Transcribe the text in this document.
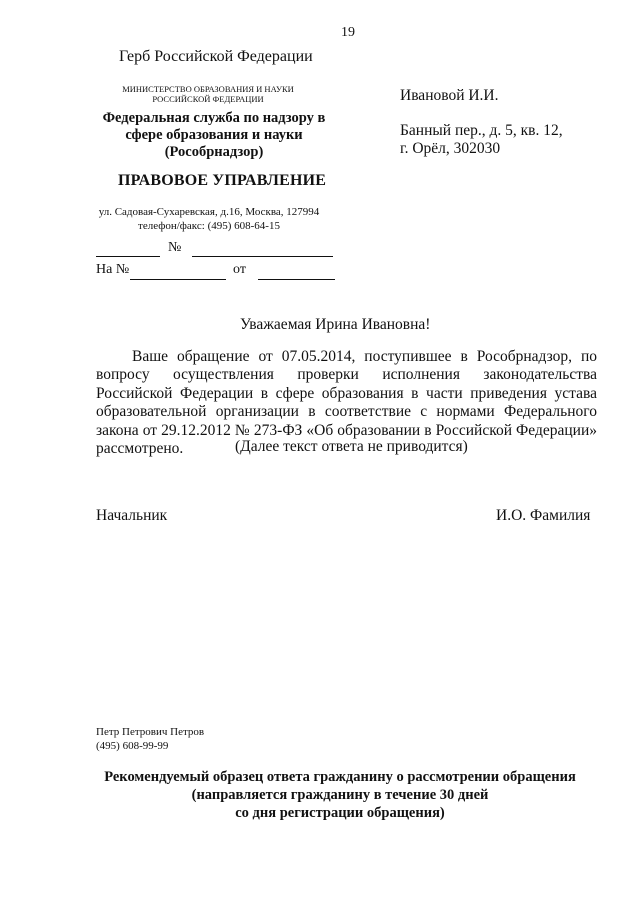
19
Герб Российской Федерации
МИНИСТЕРСТВО ОБРАЗОВАНИЯ И НАУКИ
РОССИЙСКОЙ ФЕДЕРАЦИИ
Федеральная служба по надзору в
сфере образования и науки
(Рособрнадзор)
ПРАВОВОЕ УПРАВЛЕНИЕ
ул. Садовая-Сухаревская, д.16, Москва, 127994
телефон/факс: (495) 608-64-15
№
На №	от
Ивановой И.И.
Банный пер., д. 5, кв. 12,
г. Орёл, 302030
Уважаемая Ирина Ивановна!

Ваше обращение от 07.05.2014, поступившее в Рособрнадзор, по вопросу осуществления проверки исполнения законодательства Российской Федерации в сфере образования в части приведения устава образовательной организации в соответствие с нормами Федерального закона от 29.12.2012 № 273-ФЗ «Об образовании в Российской Федерации» рассмотрено.	(Далее текст ответа не приводится)
Начальник	И.О. Фамилия
Петр Петрович Петров
(495) 608-99-99
Рекомендуемый образец ответа гражданину о рассмотрении обращения
(направляется гражданину в течение 30 дней
со дня регистрации обращения)
